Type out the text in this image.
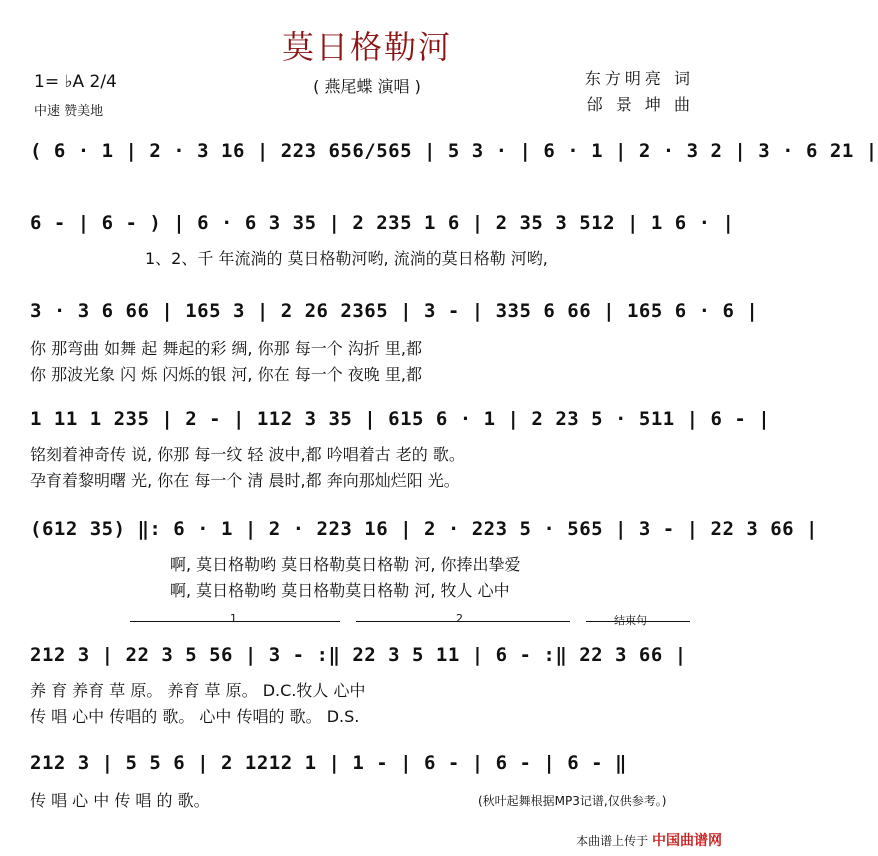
莫日格勒河
( 燕尾蝶 演唱 )
1= ♭A 2/4
中速 赞美地
东方明亮 词
邰 景 坤 曲
( 6 · 1 | 2 · 3 16 | 223 656/565 | 5 3 · | 6 · 1 | 2 · 3 2 | 3 · 6 21 |
6 - | 6 - ) | 6 · 6 3 35 | 2 235 1 6 | 2 35 3 512 | 1 6 · |
1、2、千 年流淌的 莫日格勒河哟, 流淌的莫日格勒 河哟,
3 · 3 6 66 | 165 3 | 2 26 2365 | 3 - | 335 6 66 | 165 6 · 6 |
你 那弯曲 如舞 起 舞起的彩 绸, 你那 每一个 沟折 里,都
你 那波光象 闪 烁 闪烁的银 河, 你在 每一个 夜晚 里,都
1 11 1 235 | 2 - | 112 3 35 | 615 6 · 1 | 2 23 5 · 511 | 6 - |
铭刻着神奇传 说, 你那 每一纹 轻 波中,都 吟唱着古 老的 歌。
孕育着黎明曙 光, 你在 每一个 清 晨时,都 奔向那灿烂阳 光。
(612 35) ‖: 6 · 1 | 2 · 223 16 | 2 · 223 5 · 565 | 3 - | 22 3 66 |
啊, 莫日格勒哟 莫日格勒莫日格勒 河, 你捧出挚爱
啊, 莫日格勒哟 莫日格勒莫日格勒 河, 牧人 心中
1	2	结束句
212 3 | 22 3 5 56 | 3 - :‖ 22 3 5 11 | 6 - :‖ 22 3 66 |
养 育 养育 草 原。 养育 草 原。 D.C.牧人 心中
传 唱 心中 传唱的 歌。 心中 传唱的 歌。 D.S.
212 3 | 5 5 6 | 2 1212 1 | 1 - | 6 - | 6 - | 6 - ‖
传 唱 心 中 传 唱 的 歌。	(秋叶起舞根据MP3记谱,仅供参考。)
本曲谱上传于 中国曲谱网
